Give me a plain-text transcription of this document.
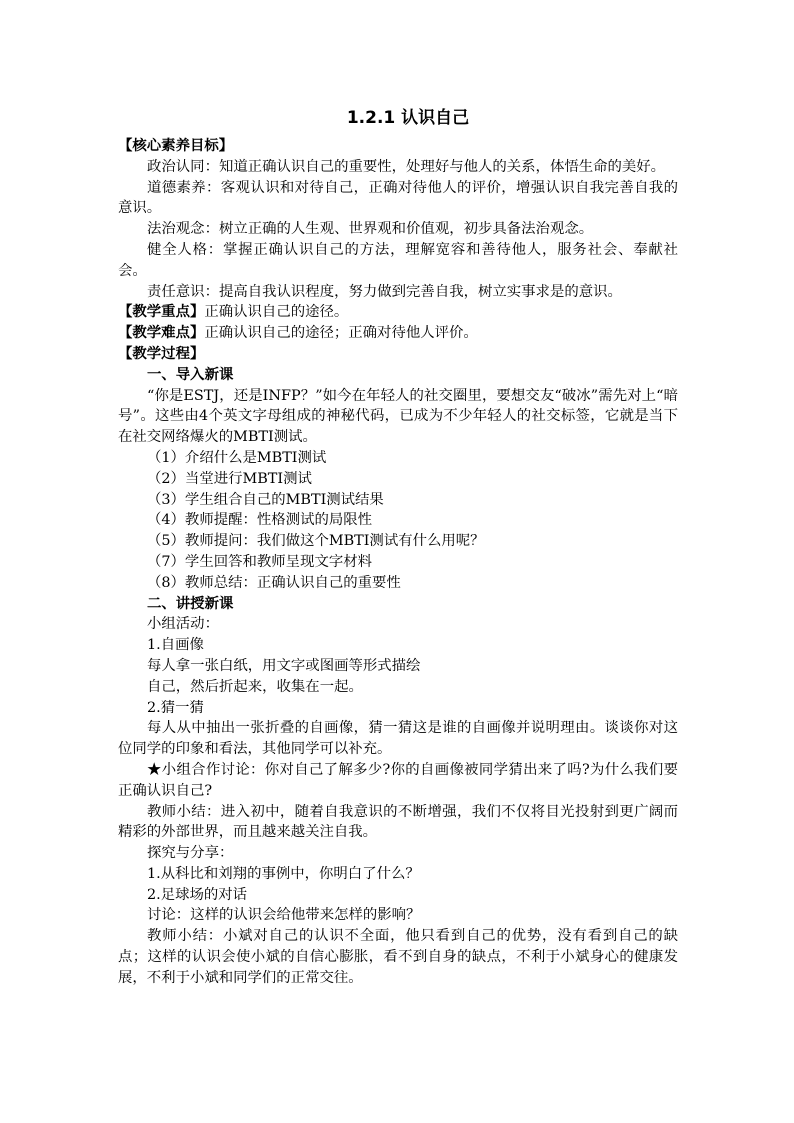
1.2.1 认识自己

【核心素养目标】

政治认同：知道正确认识自己的重要性，处理好与他人的关系，体悟生命的美好。

道德素养：客观认识和对待自己，正确对待他人的评价，增强认识自我完善自我的意识。

法治观念：树立正确的人生观、世界观和价值观，初步具备法治观念。

健全人格：掌握正确认识自己的方法，理解宽容和善待他人，服务社会、奉献社会。

责任意识：提高自我认识程度，努力做到完善自我，树立实事求是的意识。

【教学重点】正确认识自己的途径。

【教学难点】正确认识自己的途径；正确对待他人评价。

【教学过程】

一、导入新课

“你是ESTJ，还是INFP？”如今在年轻人的社交圈里，要想交友“破冰”需先对上“暗号”。这些由4个英文字母组成的神秘代码，已成为不少年轻人的社交标签，它就是当下在社交网络爆火的MBTI测试。

（1）介绍什么是MBTI测试

（2）当堂进行MBTI测试

（3）学生组合自己的MBTI测试结果

（4）教师提醒：性格测试的局限性

（5）教师提问：我们做这个MBTI测试有什么用呢？

（7）学生回答和教师呈现文字材料

（8）教师总结：正确认识自己的重要性

二、讲授新课

小组活动：

1.自画像

每人拿一张白纸，用文字或图画等形式描绘

自己，然后折起来，收集在一起。

2.猜一猜

每人从中抽出一张折叠的自画像，猜一猜这是谁的自画像并说明理由。谈谈你对这位同学的印象和看法，其他同学可以补充。

★小组合作讨论：你对自己了解多少?你的自画像被同学猜出来了吗?为什么我们要正确认识自己?

教师小结：进入初中，随着自我意识的不断增强，我们不仅将目光投射到更广阔而精彩的外部世界，而且越来越关注自我。

探究与分享：

1.从科比和刘翔的事例中，你明白了什么？

2.足球场的对话

讨论：这样的认识会给他带来怎样的影响？

教师小结：小斌对自己的认识不全面，他只看到自己的优势，没有看到自己的缺点；这样的认识会使小斌的自信心膨胀，看不到自身的缺点，不利于小斌身心的健康发展，不利于小斌和同学们的正常交往。
